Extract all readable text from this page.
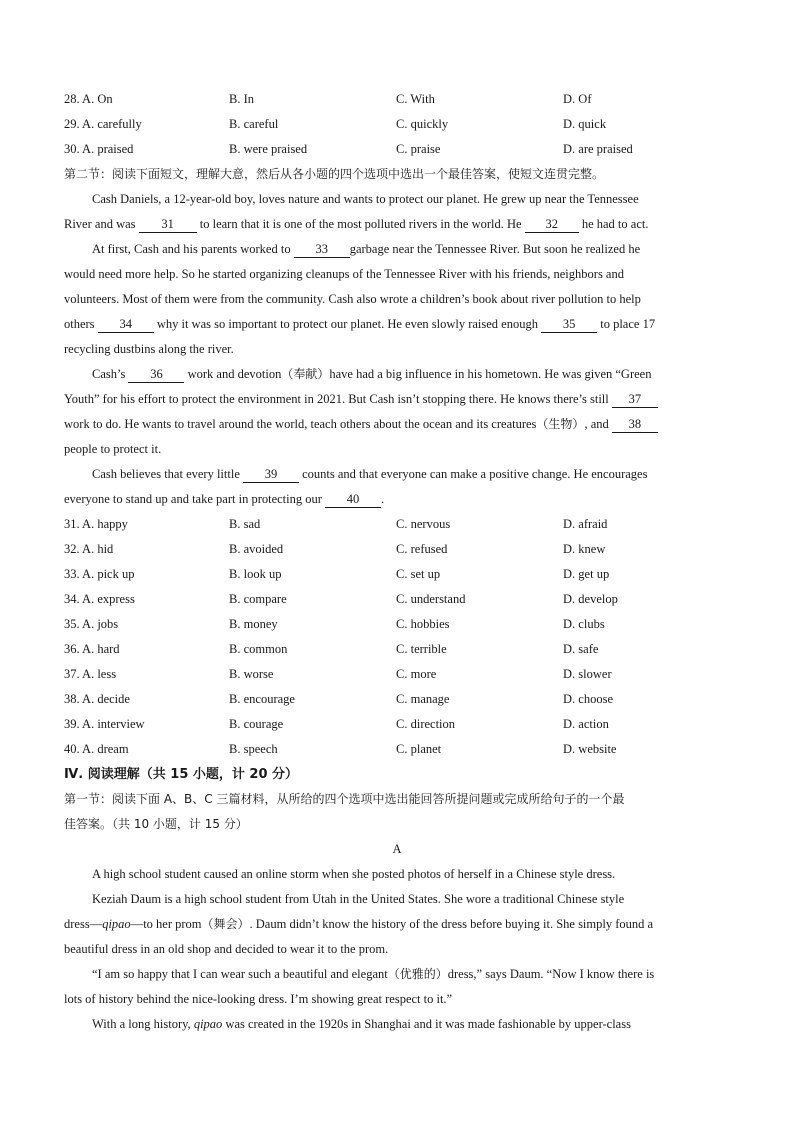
28. A. On	B. In	C. With	D. Of
29. A. carefully	B. careful	C. quickly	D. quick
30. A. praised	B. were praised	C. praise	D. are praised
第二节：阅读下面短文，理解大意，然后从各小题的四个选项中选出一个最佳答案，使短文连贯完整。
Cash Daniels, a 12-year-old boy, loves nature and wants to protect our planet. He grew up near the Tennessee
River and was 31 to learn that it is one of the most polluted rivers in the world. He 32 he had to act.
At first, Cash and his parents worked to 33 garbage near the Tennessee River. But soon he realized he
would need more help. So he started organizing cleanups of the Tennessee River with his friends, neighbors and
volunteers. Most of them were from the community. Cash also wrote a children’s book about river pollution to help
others 34 why it was so important to protect our planet. He even slowly raised enough 35 to place 17
recycling dustbins along the river.
Cash’s 36 work and devotion（奉献）have had a big influence in his hometown. He was given “Green
Youth” for his effort to protect the environment in 2021. But Cash isn’t stopping there. He knows there’s still 37
work to do. He wants to travel around the world, teach others about the ocean and its creatures（生物）, and 38
people to protect it.
Cash believes that every little 39 counts and that everyone can make a positive change. He encourages
everyone to stand up and take part in protecting our 40 .
31. A. happy	B. sad	C. nervous	D. afraid
32. A. hid	B. avoided	C. refused	D. knew
33. A. pick up	B. look up	C. set up	D. get up
34. A. express	B. compare	C. understand	D. develop
35. A. jobs	B. money	C. hobbies	D. clubs
36. A. hard	B. common	C. terrible	D. safe
37. A. less	B. worse	C. more	D. slower
38. A. decide	B. encourage	C. manage	D. choose
39. A. interview	B. courage	C. direction	D. action
40. A. dream	B. speech	C. planet	D. website
Ⅳ. 阅读理解（共 15 小题，计 20 分）
第一节：阅读下面 A、B、C 三篇材料，从所给的四个选项中选出能回答所提问题或完成所给句子的一个最
佳答案。（共 10 小题，计 15 分）
A
A high school student caused an online storm when she posted photos of herself in a Chinese style dress.
Keziah Daum is a high school student from Utah in the United States. She wore a traditional Chinese style
dress—qipao—to her prom（舞会）. Daum didn’t know the history of the dress before buying it. She simply found a
beautiful dress in an old shop and decided to wear it to the prom.
“I am so happy that I can wear such a beautiful and elegant（优雅的）dress,” says Daum. “Now I know there is
lots of history behind the nice-looking dress. I’m showing great respect to it.”
With a long history, qipao was created in the 1920s in Shanghai and it was made fashionable by upper-class
